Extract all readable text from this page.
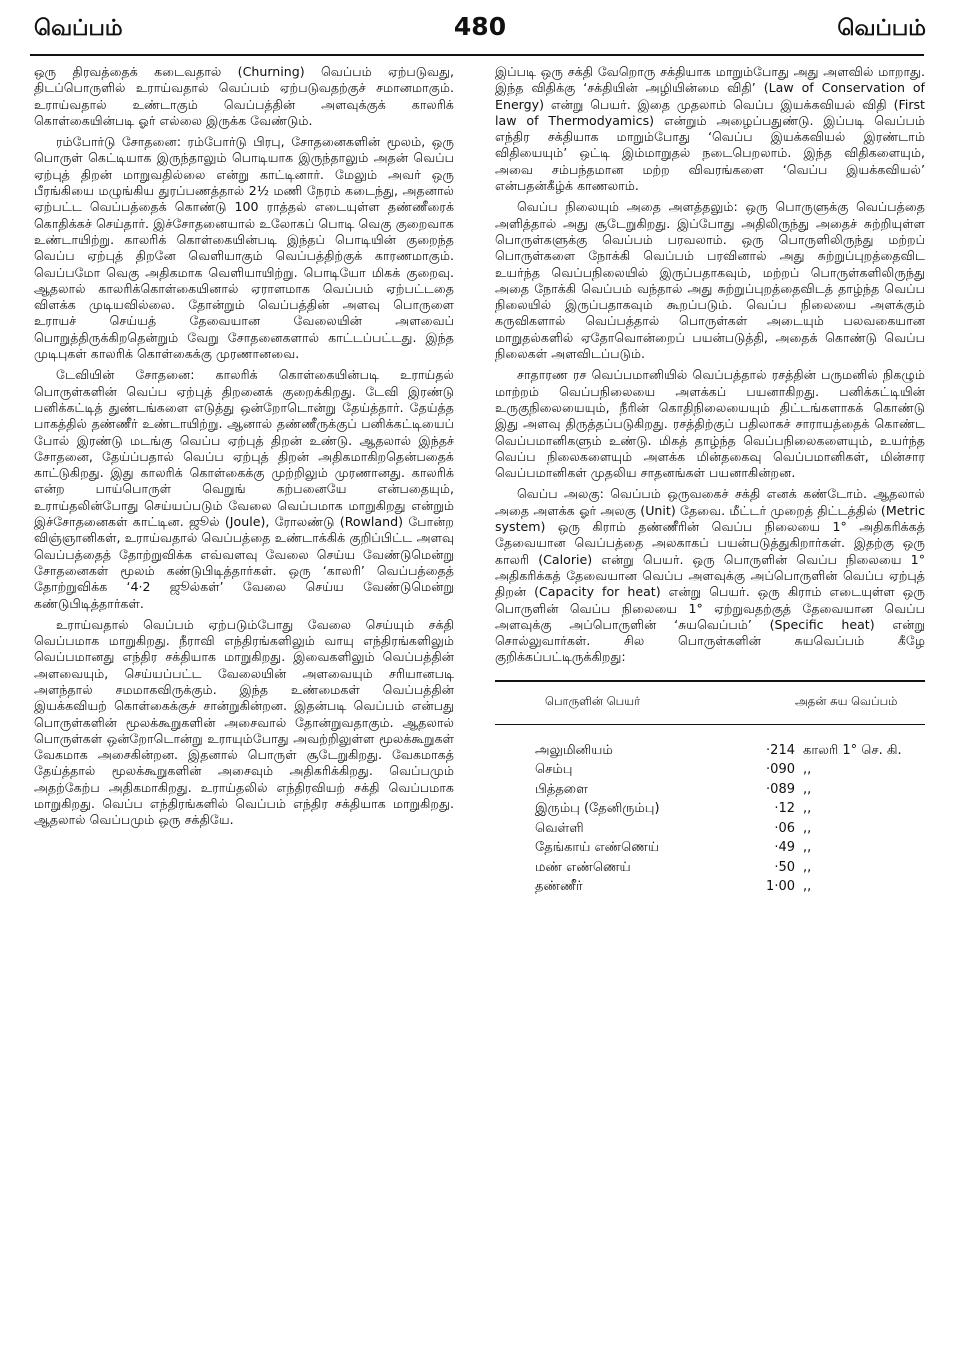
வெப்பம்	480	வெப்பம்

ஒரு திரவத்தைக் கடைவதால் (Churning) வெப்பம் ஏற்படுவது, திடப்பொருளில் உராய்வதால் வெப்பம் ஏற்படுவதற்குச் சமானமாகும். உராய்வதால் உண்டாகும் வெப்பத்தின் அளவுக்குக் காலரிக் கொள்கையின்படி ஓர் எல்லை இருக்க வேண்டும்.

ரம்போர்டு சோதனை: ரம்போர்டு பிரபு, சோதனைகளின் மூலம், ஒரு பொருள் கெட்டியாக இருந்தாலும் பொடியாக இருந்தாலும் அதன் வெப்ப ஏற்புத் திறன் மாறுவதில்லை என்று காட்டினார். மேலும் அவர் ஒரு பீரங்கியை மழுங்கிய துரப்பணத்தால் 2½ மணி நேரம் கடைந்து, அதனால் ஏற்பட்ட வெப்பத்தைக் கொண்டு 100 ராத்தல் எடையுள்ள தண்ணீரைக் கொதிக்கச் செய்தார். இச்சோதனையால் உலோகப் பொடி வெகு குறைவாக உண்டாயிற்று. காலரிக் கொள்கையின்படி இந்தப் பொடியின் குறைந்த வெப்ப ஏற்புத் திறனே வெளியாகும் வெப்பத்திற்குக் காரணமாகும். வெப்பமோ வெகு அதிகமாக வெளியாயிற்று. பொடியோ மிகக் குறைவு. ஆதலால் காலரிக்கொள்கையினால் ஏராளமாக வெப்பம் ஏற்பட்டதை விளக்க முடியவில்லை. தோன்றும் வெப்பத்தின் அளவு பொருளை உராயச் செய்யத் தேவையான வேலையின் அளவைப் பொறுத்திருக்கிறதென்றும் வேறு சோதனைகளால் காட்டப்பட்டது. இந்த முடிபுகள் காலரிக் கொள்கைக்கு முரணானவை.

டேவியின் சோதனை: காலரிக் கொள்கையின்படி உராய்தல் பொருள்களின் வெப்ப ஏற்புத் திறனைக் குறைக்கிறது. டேவி இரண்டு பனிக்கட்டித் துண்டங்களை எடுத்து ஒன்றோடொன்று தேய்த்தார். தேய்த்த பாகத்தில் தண்ணீர் உண்டாயிற்று. ஆனால் தண்ணீருக்குப் பனிக்கட்டியைப் போல் இரண்டு மடங்கு வெப்ப ஏற்புத் திறன் உண்டு. ஆதலால் இந்தச் சோதனை, தேய்ப்பதால் வெப்ப ஏற்புத் திறன் அதிகமாகிறதென்பதைக் காட்டுகிறது. இது காலரிக் கொள்கைக்கு முற்றிலும் முரணானது. காலரிக் என்ற பாய்பொருள் வெறுங் கற்பனையே என்பதையும், உராய்தலின்போது செய்யப்படும் வேலை வெப்பமாக மாறுகிறது என்றும் இச்சோதனைகள் காட்டின. ஜூல் (Joule), ரோலண்டு (Rowland) போன்ற விஞ்ஞானிகள், உராய்வதால் வெப்பத்தை உண்டாக்கிக் குறிப்பிட்ட அளவு வெப்பத்தைத் தோற்றுவிக்க எவ்வளவு வேலை செய்ய வேண்டுமென்று சோதனைகள் மூலம் கண்டுபிடித்தார்கள். ஒரு ‘காலரி’ வெப்பத்தைத் தோற்றுவிக்க ‘4·2 ஜூல்கள்’ வேலை செய்ய வேண்டுமென்று கண்டுபிடித்தார்கள்.

உராய்வதால் வெப்பம் ஏற்படும்போது வேலை செய்யும் சக்தி வெப்பமாக மாறுகிறது. நீராவி எந்திரங்களிலும் வாயு எந்திரங்களிலும் வெப்பமானது எந்திர சக்தியாக மாறுகிறது. இவைகளிலும் வெப்பத்தின் அளவையும், செய்யப்பட்ட வேலையின் அளவையும் சரியானபடி அளந்தால் சமமாகவிருக்கும். இந்த உண்மைகள் வெப்பத்தின் இயக்கவியற் கொள்கைக்குச் சான்றுகின்றன. இதன்படி வெப்பம் என்பது பொருள்களின் மூலக்கூறுகளின் அசைவால் தோன்றுவதாகும். ஆதலால் பொருள்கள் ஒன்றோடொன்று உராயும்போது அவற்றிலுள்ள மூலக்கூறுகள் வேகமாக அசைகின்றன. இதனால் பொருள் சூடேறுகிறது. வேகமாகத் தேய்த்தால் மூலக்கூறுகளின் அசைவும் அதிகரிக்கிறது. வெப்பமும் அதற்கேற்ப அதிகமாகிறது. உராய்தலில் எந்திரவியற் சக்தி வெப்பமாக மாறுகிறது. வெப்ப எந்திரங்களில் வெப்பம் எந்திர சக்தியாக மாறுகிறது. ஆதலால் வெப்பமும் ஒரு சக்தியே.

இப்படி ஒரு சக்தி வேறொரு சக்தியாக மாறும்போது அது அளவில் மாறாது. இந்த விதிக்கு ‘சக்தியின் அழியின்மை விதி’ (Law of Conservation of Energy) என்று பெயர். இதை முதலாம் வெப்ப இயக்கவியல் விதி (First law of Thermodyamics) என்றும் அழைப்பதுண்டு. இப்படி வெப்பம் எந்திர சக்தியாக மாறும்போது ‘வெப்ப இயக்கவியல் இரண்டாம் விதியையும்’ ஒட்டி இம்மாறுதல் நடைபெறலாம். இந்த விதிகளையும், அவை சம்பந்தமான மற்ற விவரங்களை ‘வெப்ப இயக்கவியல்’ என்பதன்கீழ்க் காணலாம்.

வெப்ப நிலையும் அதை அளத்தலும்: ஒரு பொருளுக்கு வெப்பத்தை அளித்தால் அது சூடேறுகிறது. இப்போது அதிலிருந்து அதைச் சுற்றியுள்ள பொருள்களுக்கு வெப்பம் பரவலாம். ஒரு பொருளிலிருந்து மற்றப் பொருள்களை நோக்கி வெப்பம் பரவினால் அது சுற்றுப்புறத்தைவிட உயர்ந்த வெப்பநிலையில் இருப்பதாகவும், மற்றப் பொருள்களிலிருந்து அதை நோக்கி வெப்பம் வந்தால் அது சுற்றுப்புறத்தைவிடத் தாழ்ந்த வெப்ப நிலையில் இருப்பதாகவும் கூறப்படும். வெப்ப நிலையை அளக்கும் கருவிகளால் வெப்பத்தால் பொருள்கள் அடையும் பலவகையான மாறுதல்களில் ஏதோவொன்றைப் பயன்படுத்தி, அதைக் கொண்டு வெப்ப நிலைகள் அளவிடப்படும்.

சாதாரண ரச வெப்பமானியில் வெப்பத்தால் ரசத்தின் பருமனில் நிகழும் மாற்றம் வெப்பநிலையை அளக்கப் பயனாகிறது. பனிக்கட்டியின் உருகுநிலையையும், நீரின் கொதிநிலையையும் திட்டங்களாகக் கொண்டு இது அளவு திருத்தப்படுகிறது. ரசத்திற்குப் பதிலாகச் சாராயத்தைக் கொண்ட வெப்பமானிகளும் உண்டு. மிகத் தாழ்ந்த வெப்பநிலைகளையும், உயர்ந்த வெப்ப நிலைகளையும் அளக்க மின்தகைவு வெப்பமானிகள், மின்சார வெப்பமானிகள் முதலிய சாதனங்கள் பயனாகின்றன.

வெப்ப அலகு: வெப்பம் ஒருவகைச் சக்தி எனக் கண்டோம். ஆதலால் அதை அளக்க ஓர் அலகு (Unit) தேவை. மீட்டர் முறைத் திட்டத்தில் (Metric system) ஒரு கிராம் தண்ணீரின் வெப்ப நிலையை 1° அதிகரிக்கத் தேவையான வெப்பத்தை அலகாகப் பயன்படுத்துகிறார்கள். இதற்கு ஒரு காலரி (Calorie) என்று பெயர். ஒரு பொருளின் வெப்ப நிலையை 1° அதிகரிக்கத் தேவையான வெப்ப அளவுக்கு அப்பொருளின் வெப்ப ஏற்புத் திறன் (Capacity for heat) என்று பெயர். ஒரு கிராம் எடையுள்ள ஒரு பொருளின் வெப்ப நிலையை 1° ஏற்றுவதற்குத் தேவையான வெப்ப அளவுக்கு அப்பொருளின் ‘சுயவெப்பம்’ (Specific heat) என்று சொல்லுவார்கள். சில பொருள்களின் சுயவெப்பம் கீழே குறிக்கப்பட்டிருக்கிறது:

பொருளின் பெயர்	அதன் சுய வெப்பம்
அலுமினியம்	·214 காலரி 1° செ. கி.
செம்பு	·090 ,,
பித்தளை	·089 ,,
இரும்பு (தேனிரும்பு)	·12 ,,
வெள்ளி	·06 ,,
தேங்காய் எண்ணெய்	·49 ,,
மண் எண்ணெய்	·50 ,,
தண்ணீர்	1·00 ,,
